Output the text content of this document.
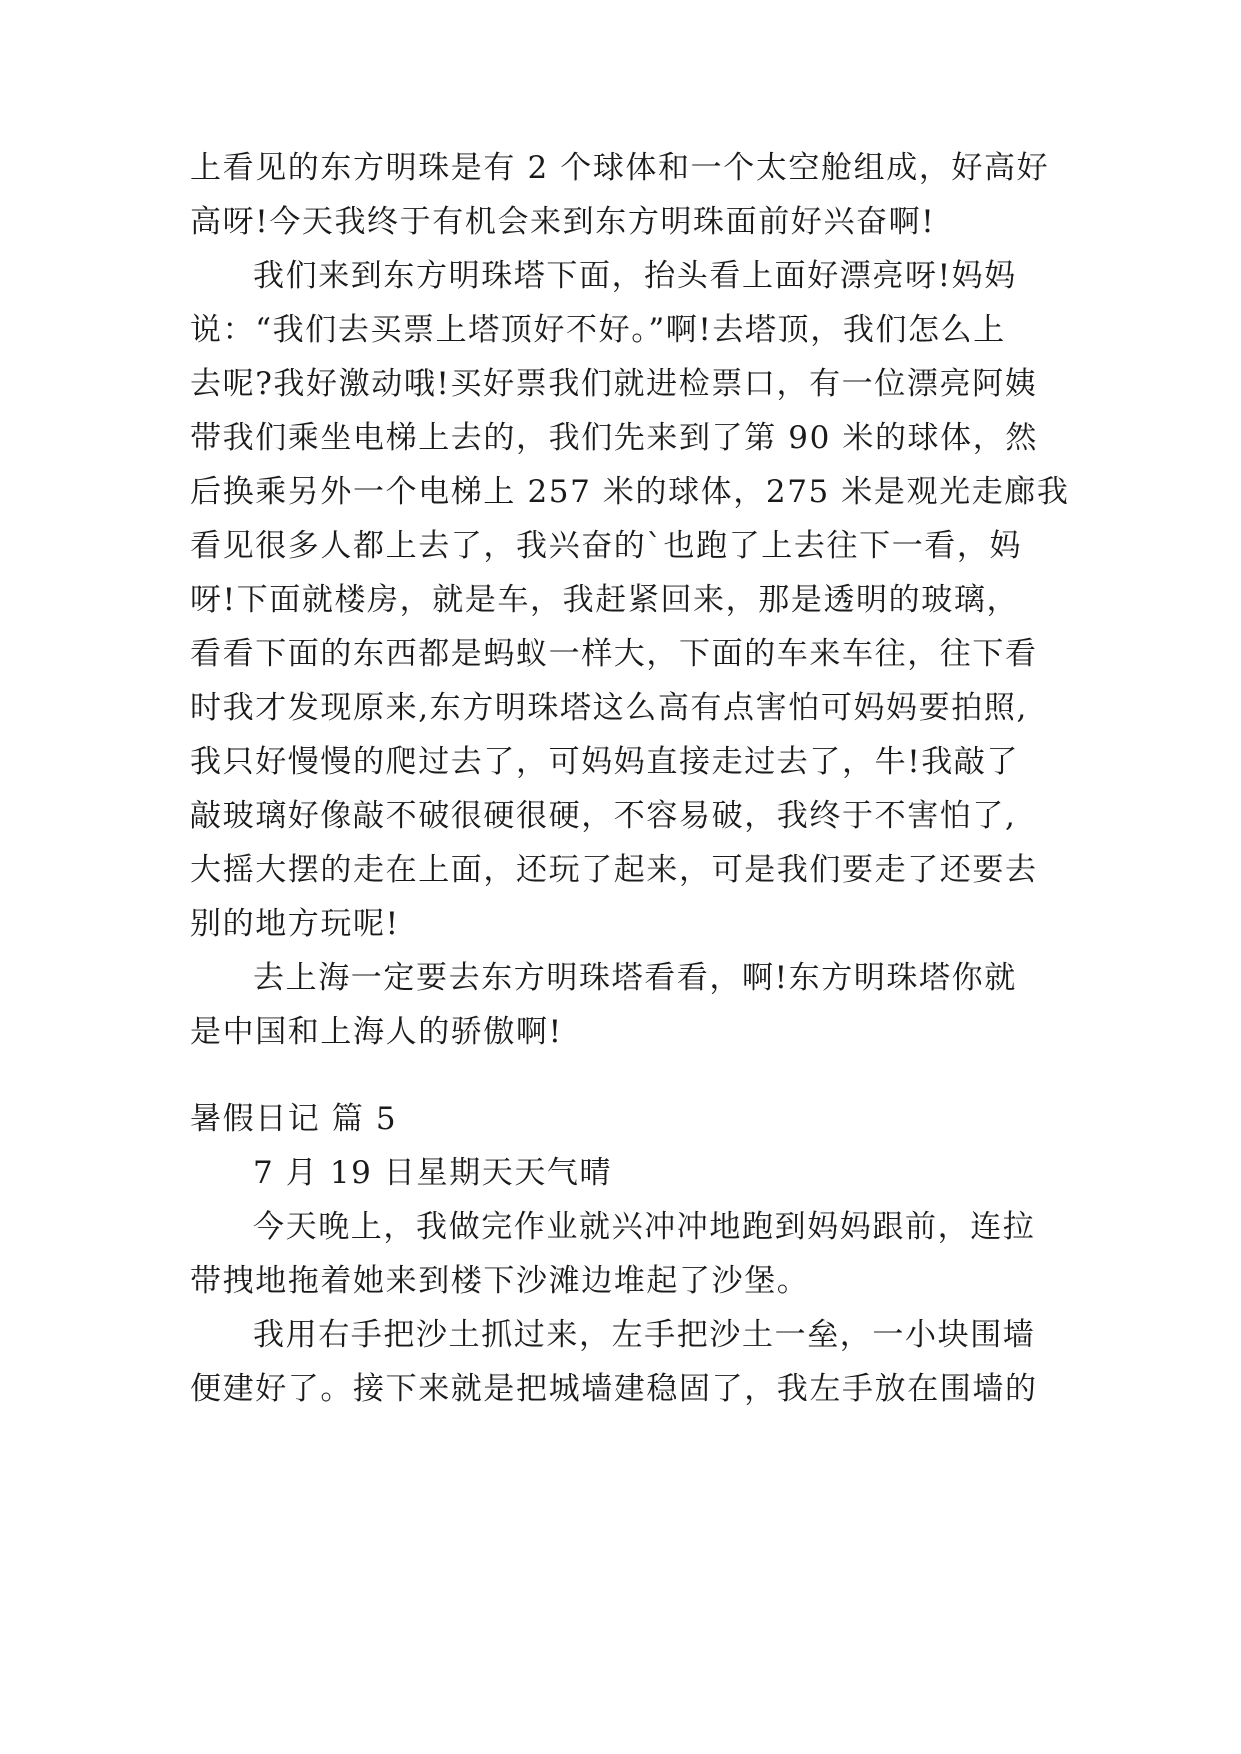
上看见的东方明珠是有 2 个球体和一个太空舱组成，好高好
高呀!今天我终于有机会来到东方明珠面前好兴奋啊!
我们来到东方明珠塔下面，抬头看上面好漂亮呀!妈妈
说：“我们去买票上塔顶好不好。”啊!去塔顶，我们怎么上
去呢?我好激动哦!买好票我们就进检票口，有一位漂亮阿姨
带我们乘坐电梯上去的，我们先来到了第 90 米的球体，然
后换乘另外一个电梯上 257 米的球体，275 米是观光走廊我
看见很多人都上去了，我兴奋的`也跑了上去往下一看，妈
呀!下面就楼房，就是车，我赶紧回来，那是透明的玻璃，
看看下面的东西都是蚂蚁一样大，下面的车来车往，往下看
时我才发现原来,东方明珠塔这么高有点害怕可妈妈要拍照,
我只好慢慢的爬过去了，可妈妈直接走过去了，牛!我敲了
敲玻璃好像敲不破很硬很硬，不容易破，我终于不害怕了,
大摇大摆的走在上面，还玩了起来，可是我们要走了还要去
别的地方玩呢!
去上海一定要去东方明珠塔看看，啊!东方明珠塔你就
是中国和上海人的骄傲啊!
暑假日记 篇 5
7 月 19 日星期天天气晴
今天晚上，我做完作业就兴冲冲地跑到妈妈跟前，连拉
带拽地拖着她来到楼下沙滩边堆起了沙堡。
我用右手把沙土抓过来，左手把沙土一垒，一小块围墙
便建好了。接下来就是把城墙建稳固了，我左手放在围墙的
